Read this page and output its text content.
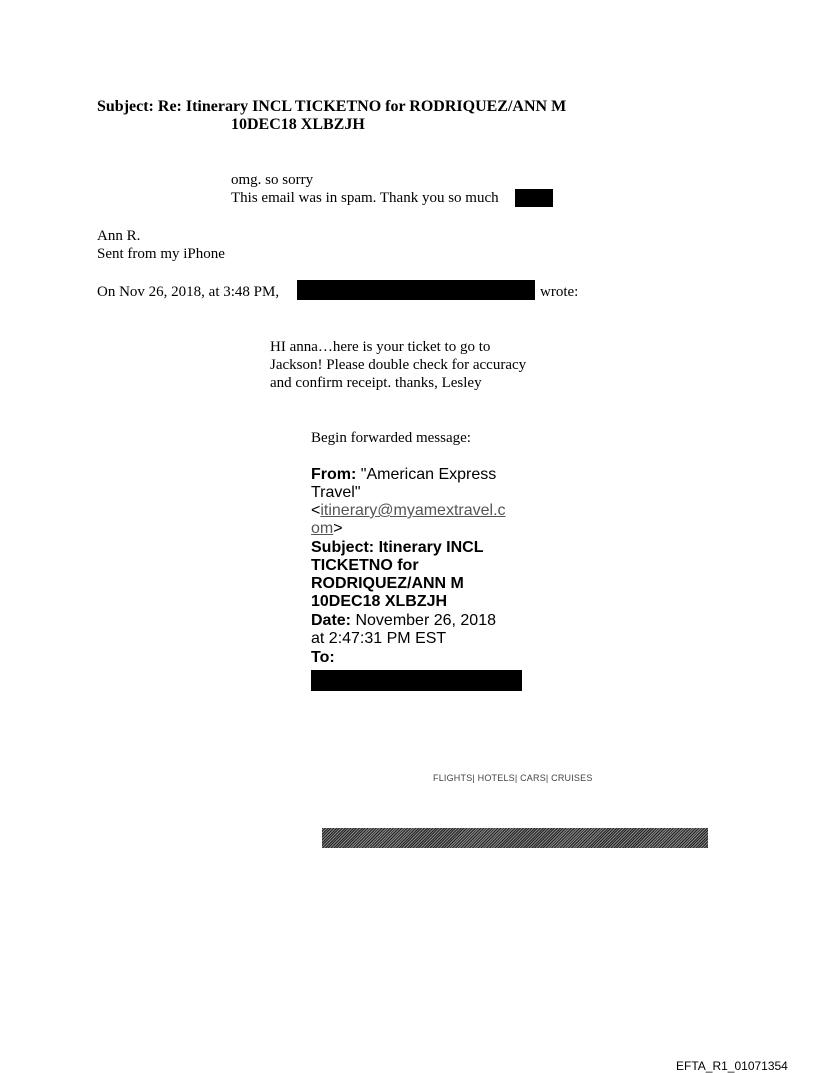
Subject: Re: Itinerary INCL TICKETNO for RODRIQUEZ/ANN M
10DEC18 XLBZJH
omg. so sorry
This email was in spam. Thank you so much
Ann R.
Sent from my iPhone
On Nov 26, 2018, at 3:48 PM,	wrote:
HI anna…here is your ticket to go to
Jackson! Please double check for accuracy
and confirm receipt. thanks, Lesley
Begin forwarded message:
From: "American Express
Travel"
<itinerary@myamextravel.c
om>
Subject: Itinerary INCL
TICKETNO for
RODRIQUEZ/ANN M
10DEC18 XLBZJH
Date: November 26, 2018
at 2:47:31 PM EST
To:
FLIGHTS| HOTELS| CARS| CRUISES
EFTA_R1_01071354
